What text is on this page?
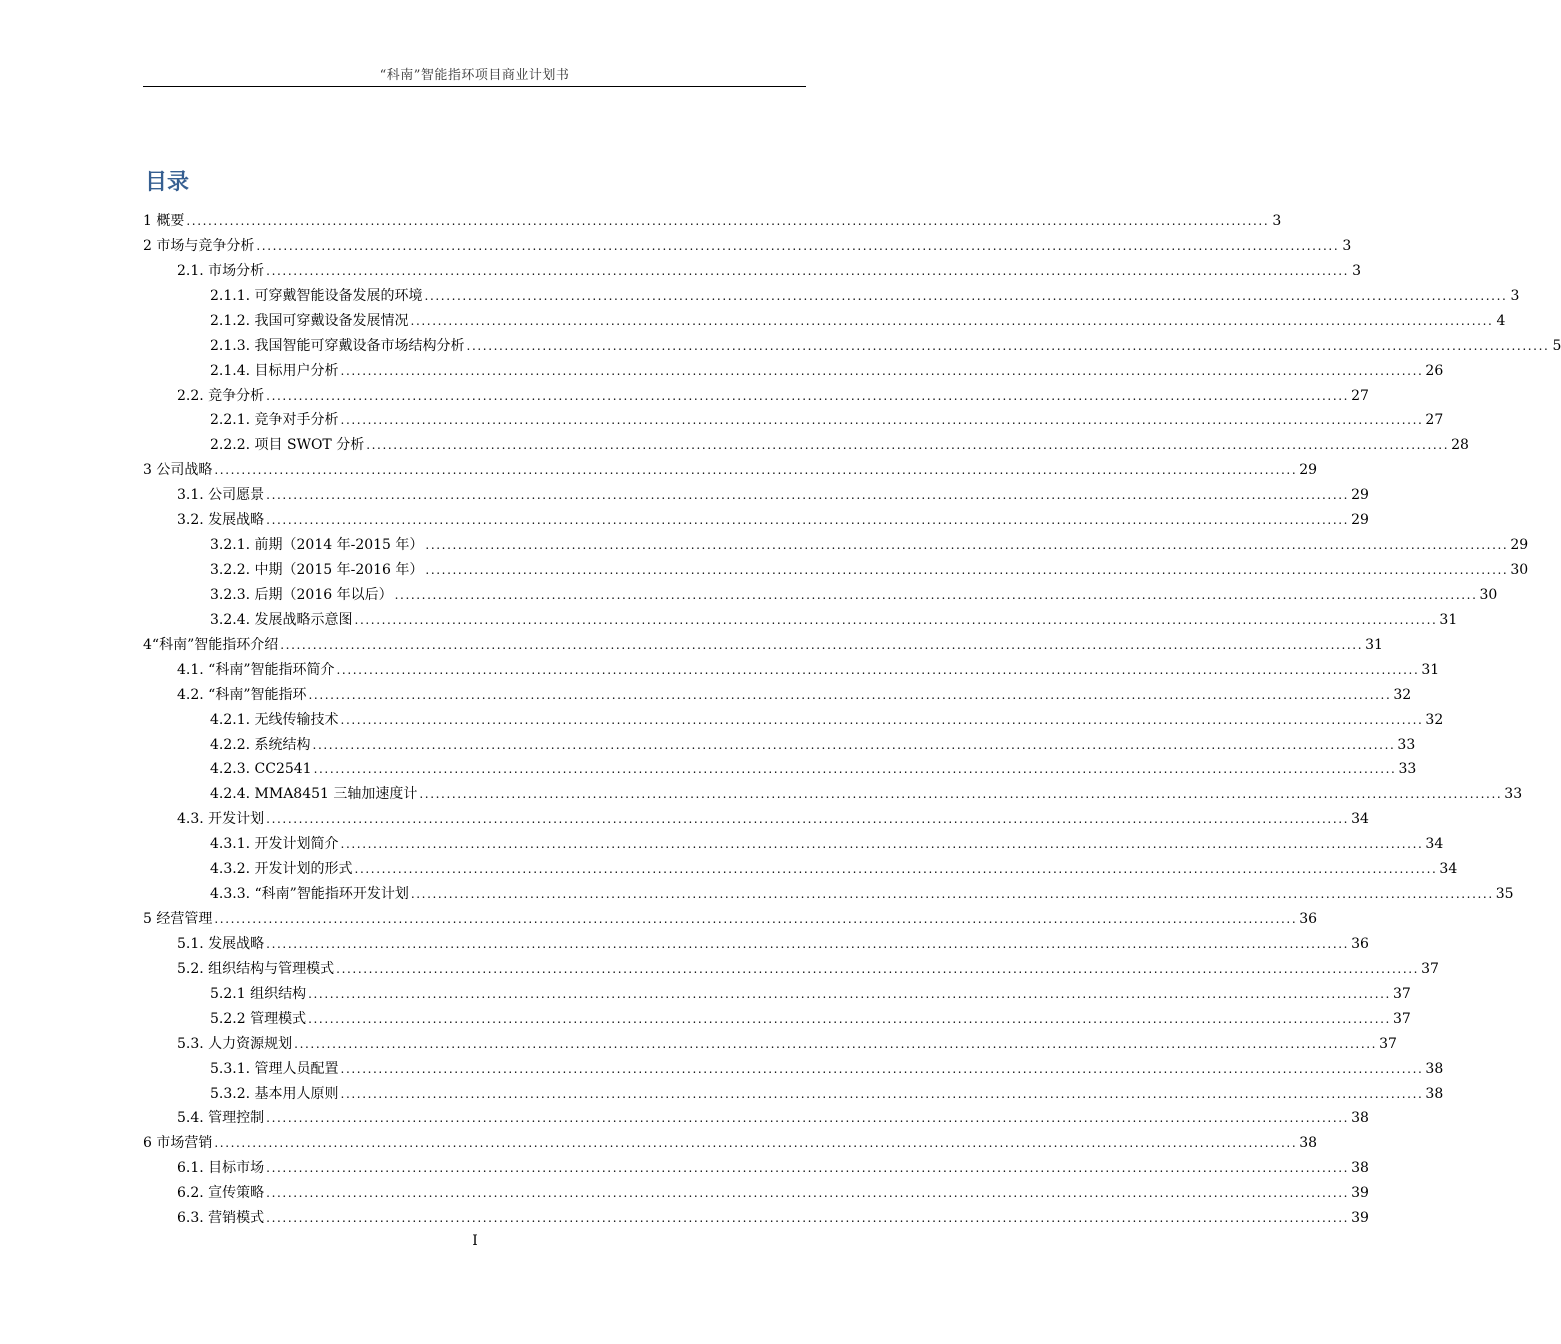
“科南”智能指环项目商业计划书
目录
1 概要 ........................................................................................................................................................................................................ 3
2 市场与竞争分析 ........................................................................................................................................................................................................ 3
2.1. 市场分析 ........................................................................................................................................................................................................ 3
2.1.1. 可穿戴智能设备发展的环境 ........................................................................................................................................................................................................ 3
2.1.2. 我国可穿戴设备发展情况 ........................................................................................................................................................................................................ 4
2.1.3. 我国智能可穿戴设备市场结构分析 ........................................................................................................................................................................................................ 5
2.1.4. 目标用户分析 ........................................................................................................................................................................................................ 26
2.2. 竞争分析 ........................................................................................................................................................................................................ 27
2.2.1. 竞争对手分析 ........................................................................................................................................................................................................ 27
2.2.2. 项目 SWOT 分析 ........................................................................................................................................................................................................ 28
3 公司战略 ........................................................................................................................................................................................................ 29
3.1. 公司愿景 ........................................................................................................................................................................................................ 29
3.2. 发展战略 ........................................................................................................................................................................................................ 29
3.2.1. 前期（2014 年-2015 年） ........................................................................................................................................................................................................ 29
3.2.2. 中期（2015 年-2016 年） ........................................................................................................................................................................................................ 30
3.2.3. 后期（2016 年以后） ........................................................................................................................................................................................................ 30
3.2.4. 发展战略示意图 ........................................................................................................................................................................................................ 31
4“科南”智能指环介绍 ........................................................................................................................................................................................................ 31
4.1. “科南”智能指环简介 ........................................................................................................................................................................................................ 31
4.2. “科南”智能指环 ........................................................................................................................................................................................................ 32
4.2.1. 无线传输技术 ........................................................................................................................................................................................................ 32
4.2.2. 系统结构 ........................................................................................................................................................................................................ 33
4.2.3. CC2541 ........................................................................................................................................................................................................ 33
4.2.4. MMA8451 三轴加速度计 ........................................................................................................................................................................................................ 33
4.3. 开发计划 ........................................................................................................................................................................................................ 34
4.3.1. 开发计划简介 ........................................................................................................................................................................................................ 34
4.3.2. 开发计划的形式 ........................................................................................................................................................................................................ 34
4.3.3. “科南”智能指环开发计划 ........................................................................................................................................................................................................ 35
5 经营管理 ........................................................................................................................................................................................................ 36
5.1. 发展战略 ........................................................................................................................................................................................................ 36
5.2. 组织结构与管理模式 ........................................................................................................................................................................................................ 37
5.2.1 组织结构 ........................................................................................................................................................................................................ 37
5.2.2 管理模式 ........................................................................................................................................................................................................ 37
5.3. 人力资源规划 ........................................................................................................................................................................................................ 37
5.3.1. 管理人员配置 ........................................................................................................................................................................................................ 38
5.3.2. 基本用人原则 ........................................................................................................................................................................................................ 38
5.4. 管理控制 ........................................................................................................................................................................................................ 38
6 市场营销 ........................................................................................................................................................................................................ 38
6.1. 目标市场 ........................................................................................................................................................................................................ 38
6.2. 宣传策略 ........................................................................................................................................................................................................ 39
6.3. 营销模式 ........................................................................................................................................................................................................ 39
I
